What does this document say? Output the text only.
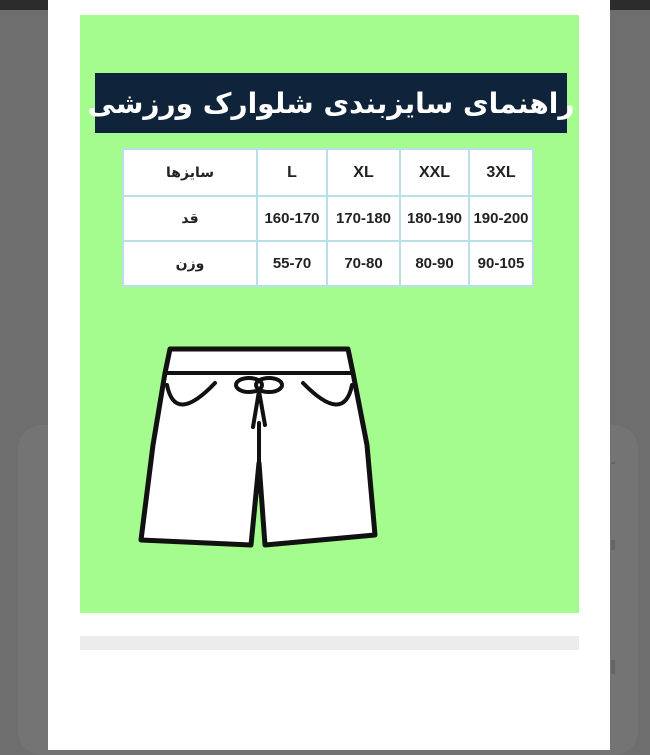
راهنمای سایزبندی شلوارک ورزشی
سایزها	L	XL	XXL	3XL
قد	160-170	170-180	180-190	190-200
وزن	55-70	70-80	80-90	90-105
